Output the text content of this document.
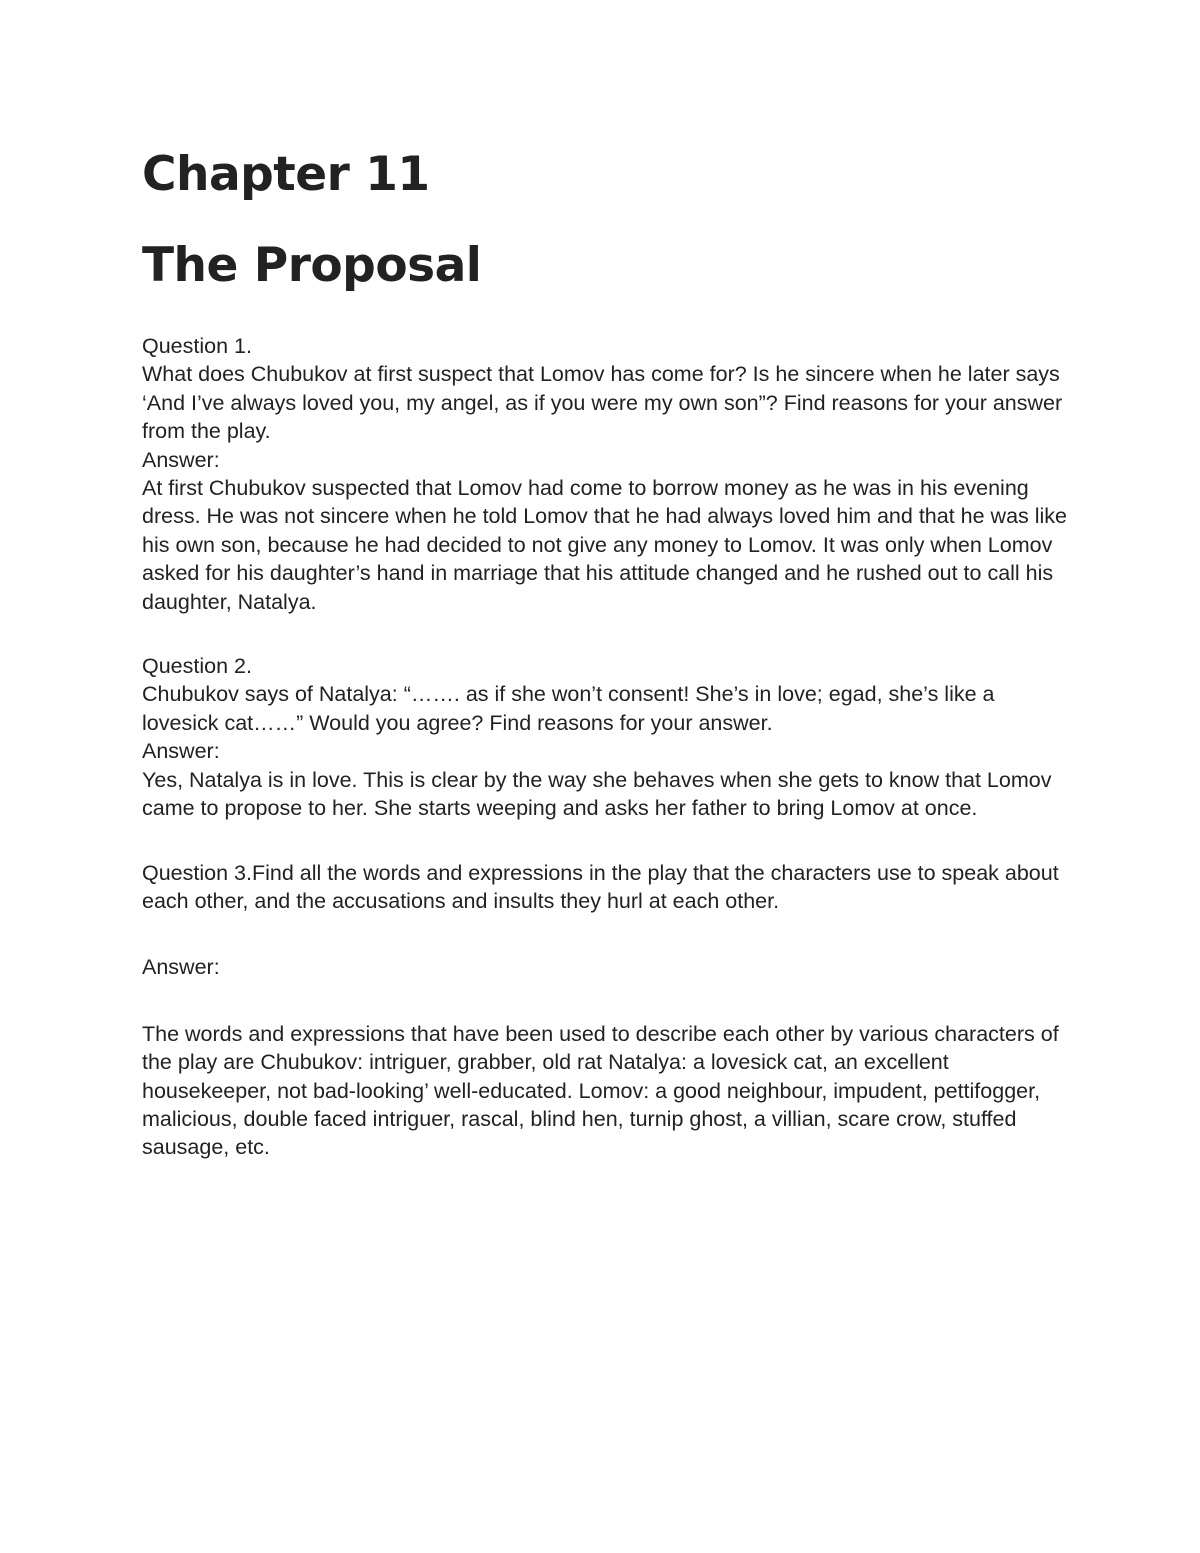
Chapter 11
The Proposal
Question 1.
What does Chubukov at first suspect that Lomov has come for? Is he sincere when he later says ‘And I’ve always loved you, my angel, as if you were my own son”? Find reasons for your answer from the play.
Answer:
At first Chubukov suspected that Lomov had come to borrow money as he was in his evening dress. He was not sincere when he told Lomov that he had always loved him and that he was like his own son, because he had decided to not give any money to Lomov. It was only when Lomov asked for his daughter’s hand in marriage that his attitude changed and he rushed out to call his daughter, Natalya.
Question 2.
Chubukov says of Natalya: “……. as if she won’t consent! She’s in love; egad, she’s like a lovesick cat……” Would you agree? Find reasons for your answer.
Answer:
Yes, Natalya is in love. This is clear by the way she behaves when she gets to know that Lomov came to propose to her. She starts weeping and asks her father to bring Lomov at once.
Question 3.Find all the words and expressions in the play that the characters use to speak about each other, and the accusations and insults they hurl at each other.
Answer:
The words and expressions that have been used to describe each other by various characters of the play are Chubukov: intriguer, grabber, old rat Natalya: a lovesick cat, an excellent housekeeper, not bad-looking’ well-educated. Lomov: a good neighbour, impudent, pettifogger, malicious, double faced intriguer, rascal, blind hen, turnip ghost, a villian, scare crow, stuffed sausage, etc.
